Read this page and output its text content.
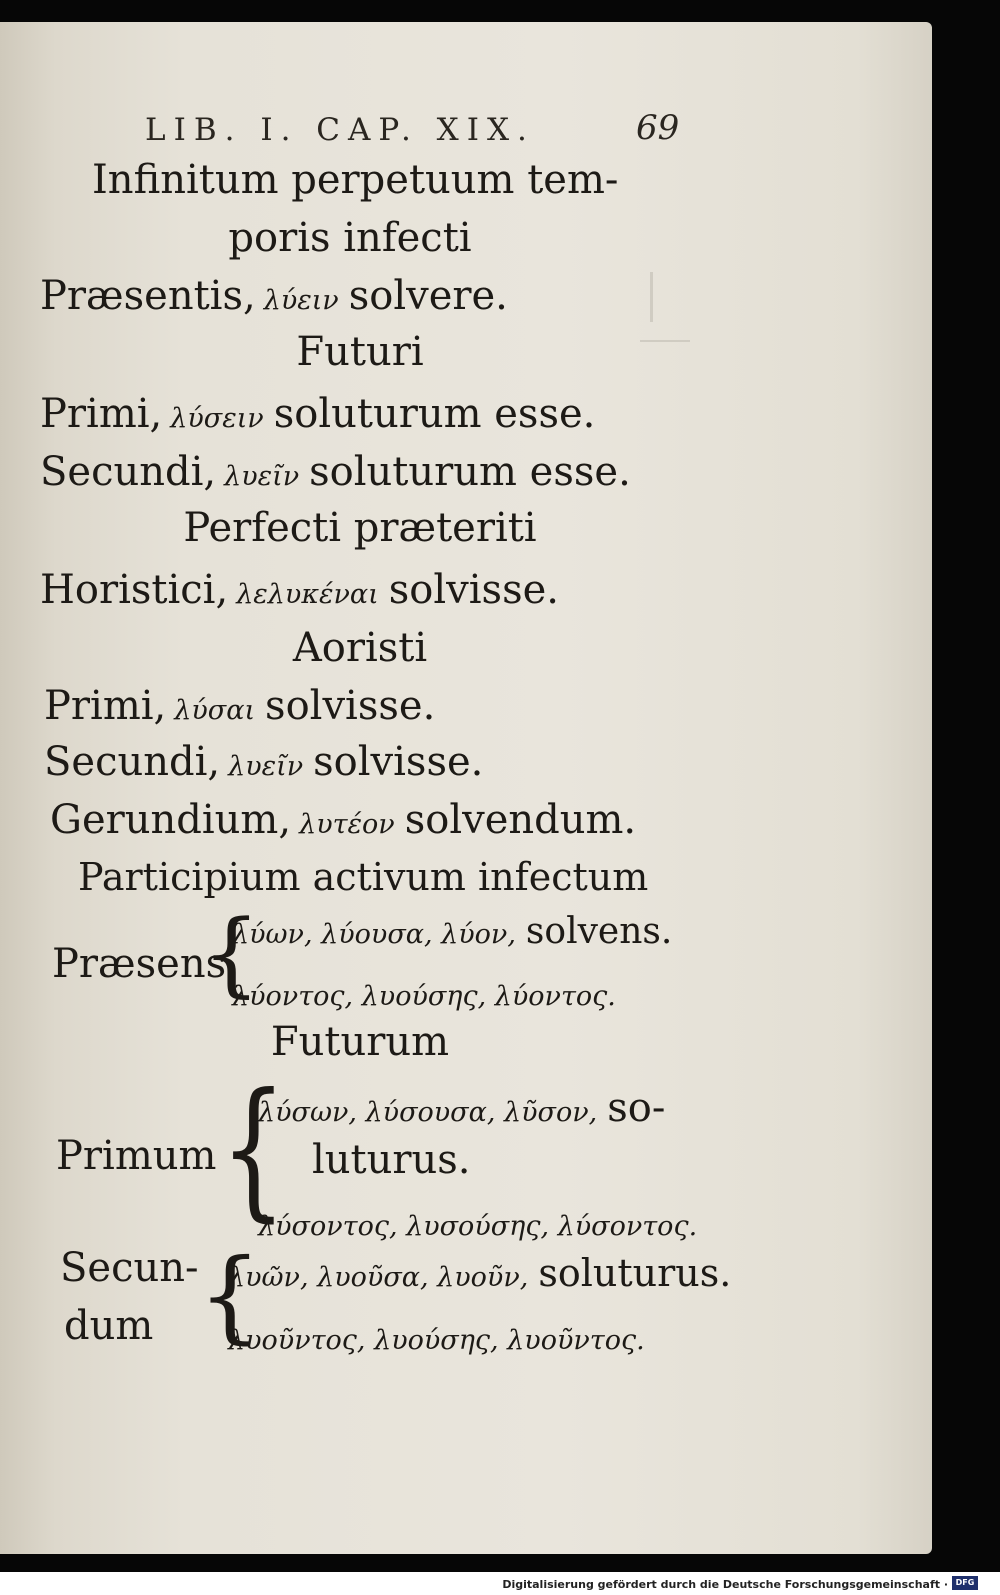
LIB. I. CAP. XIX.	69
Infinitum perpetuum tem-
poris infecti
Præsentis, λύειν solvere.
Futuri
Primi, λύσειν soluturum esse.
Secundi, λυεῖν soluturum esse.
Perfecti præteriti
Horistici, λελυκέναι solvisse.
Aoristi
Primi, λύσαι solvisse.
Secundi, λυεῖν solvisse.
Gerundium, λυτέον solvendum.
Participium activum infectum
Præsens
{
λύων, λύουσα, λύον, solvens.
λύοντος, λυούσης, λύοντος.
Futurum
Primum {
λύσων, λύσουσα, λῦσον, so-
luturus.
λύσοντος, λυσούσης, λύσοντος.
Secun-
dum {
λυῶν, λυοῦσα, λυοῦν, soluturus.
λυοῦντος, λυούσης, λυοῦντος.
Digitalisierung gefördert durch die Deutsche Forschungsgemeinschaft · DFG
